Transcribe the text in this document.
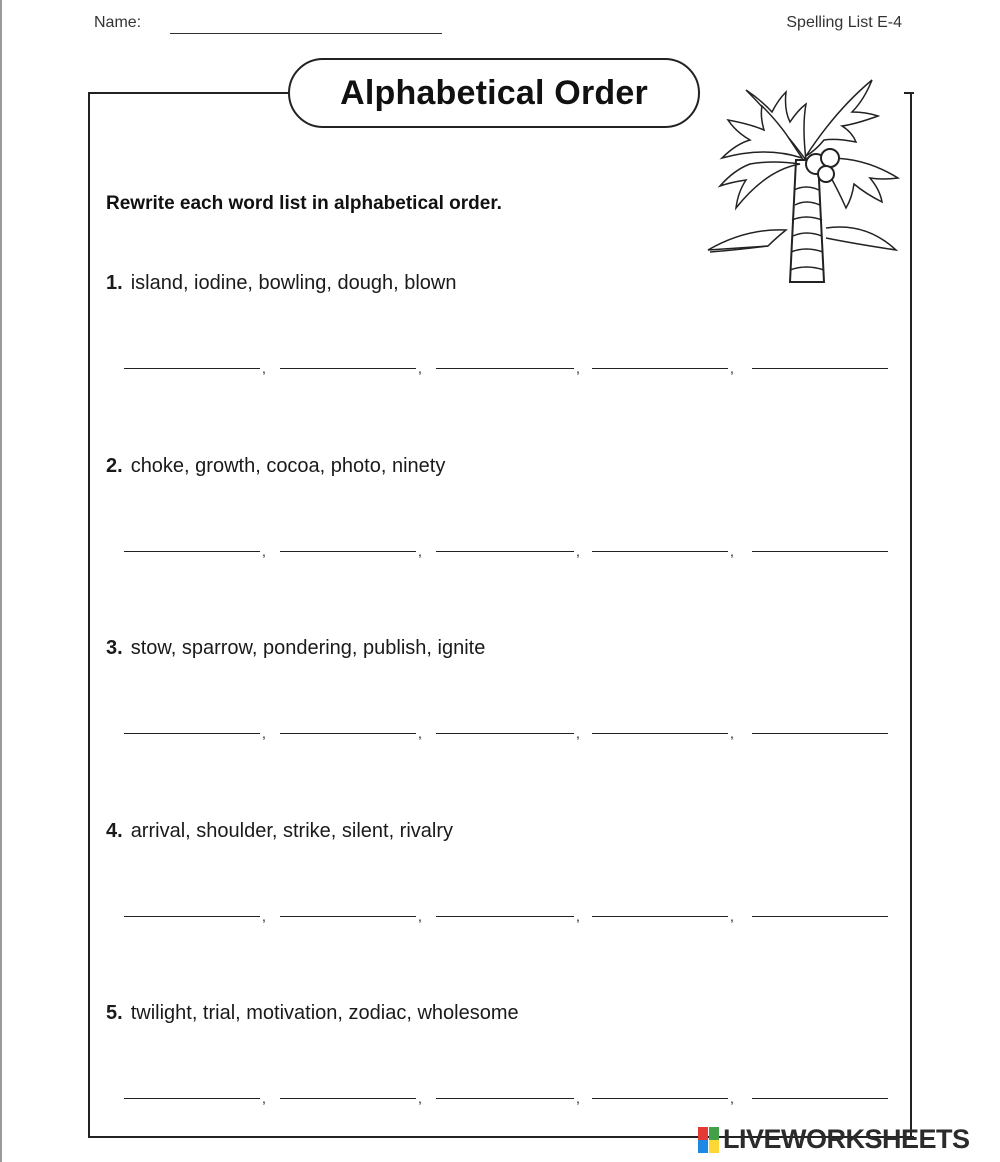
Name:	Spelling List E-4
Alphabetical Order
Rewrite each word list in alphabetical order.
1. island, iodine, bowling, dough, blown
,	,	,	,
2. choke, growth, cocoa, photo, ninety
,	,	,	,
3. stow, sparrow, pondering, publish, ignite
,	,	,	,
4. arrival, shoulder, strike, silent, rivalry
,	,	,	,
5. twilight, trial, motivation, zodiac, wholesome
,	,	,	,
LIVEWORKSHEETS
